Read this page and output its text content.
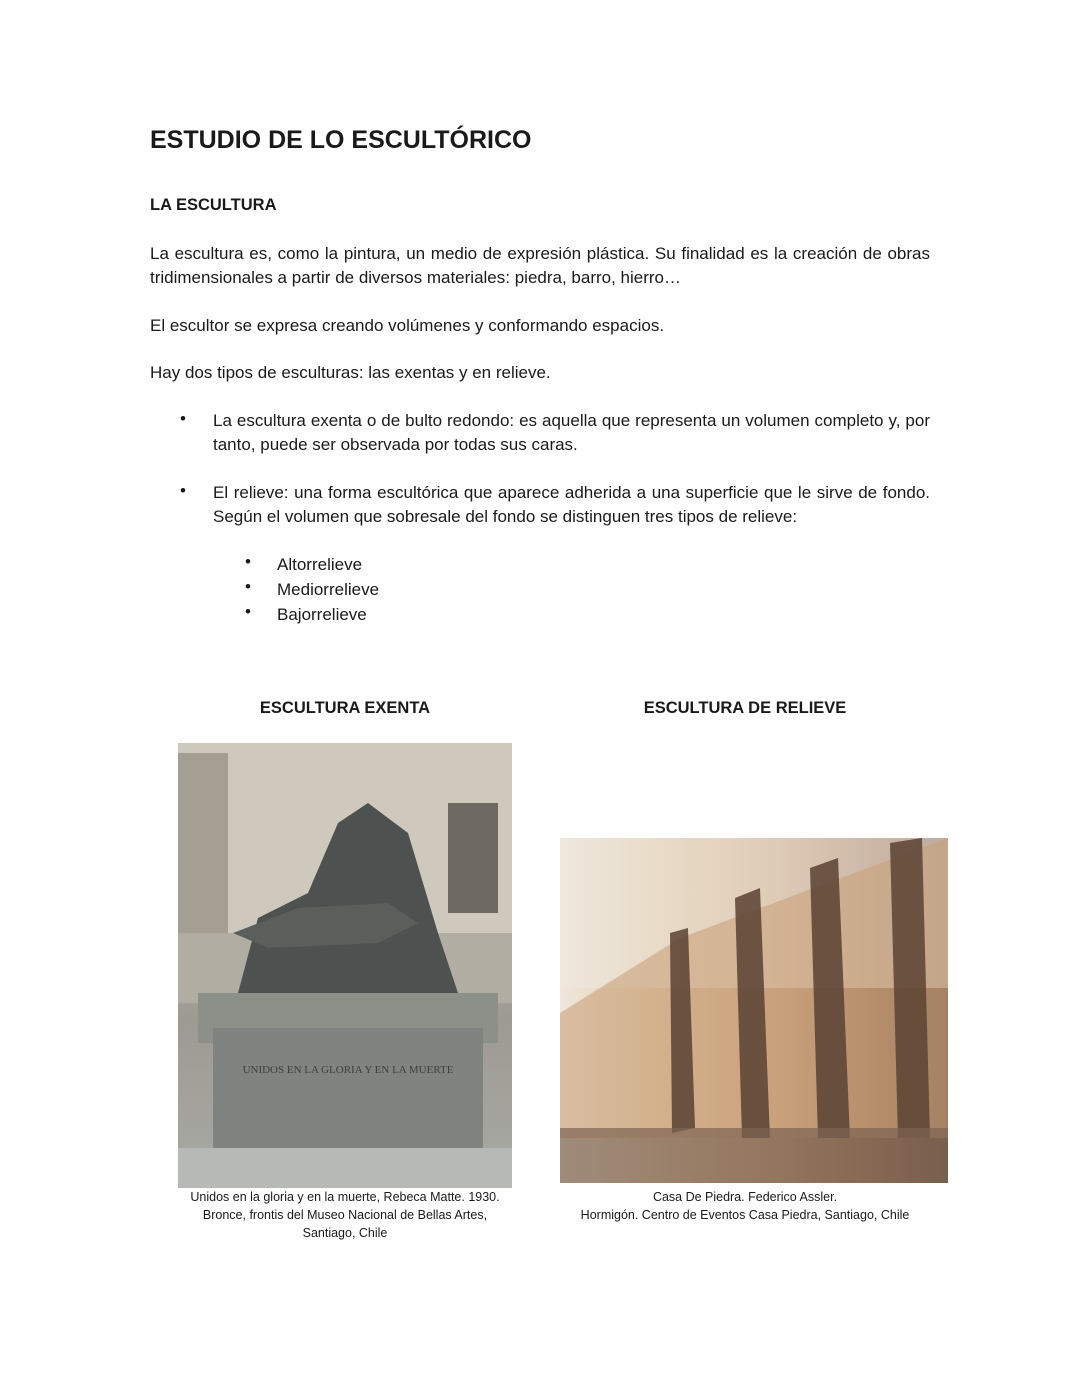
ESTUDIO DE LO ESCULTÓRICO
LA ESCULTURA
La escultura es, como la pintura, un medio de expresión plástica. Su finalidad es la creación de obras tridimensionales a partir de diversos materiales: piedra, barro, hierro…
El escultor se expresa creando volúmenes y conformando espacios.
Hay dos tipos de esculturas: las exentas y en relieve.
• La escultura exenta o de bulto redondo: es aquella que representa un volumen completo y, por tanto, puede ser observada por todas sus caras.
• El relieve: una forma escultórica que aparece adherida a una superficie que le sirve de fondo. Según el volumen que sobresale del fondo se distinguen tres tipos de relieve:
• Altorrelieve
• Mediorrelieve
• Bajorrelieve
ESCULTURA EXENTA	ESCULTURA DE RELIEVE
UNIDOS EN LA GLORIA Y EN LA MUERTE
Unidos en la gloria y en la muerte, Rebeca Matte. 1930.
Bronce, frontis del Museo Nacional de Bellas Artes,
Santiago, Chile
Casa De Piedra. Federico Assler.
Hormigón. Centro de Eventos Casa Piedra, Santiago, Chile
